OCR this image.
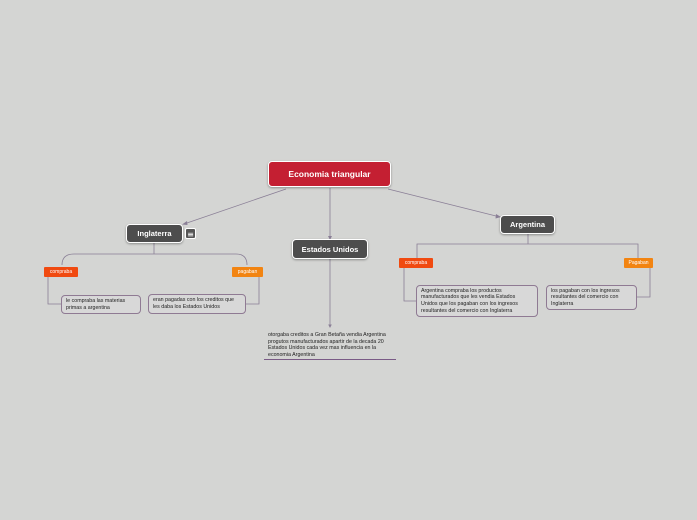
Economia triangular
Inglaterra ≡
Estados Unidos
Argentina
compraba	pagaban
le compraba las materias primas a argentina
eran pagadas con los creditos que les daba los Estados Unidos
otorgaba creditos a Gran Betaña vendia Argentina progutos manufacturados apartir de la decada 20 Estados Unidos cada vez mas influencia en la economia Argentina
compraba	Pagaban
Argentina compraba los productos manufacturados que les vendia Estados Unidos que los pagaban con los ingresos resultantes del comercio con Inglaterra
los pagaban con los ingresos resultantes del comercio con Inglaterra
